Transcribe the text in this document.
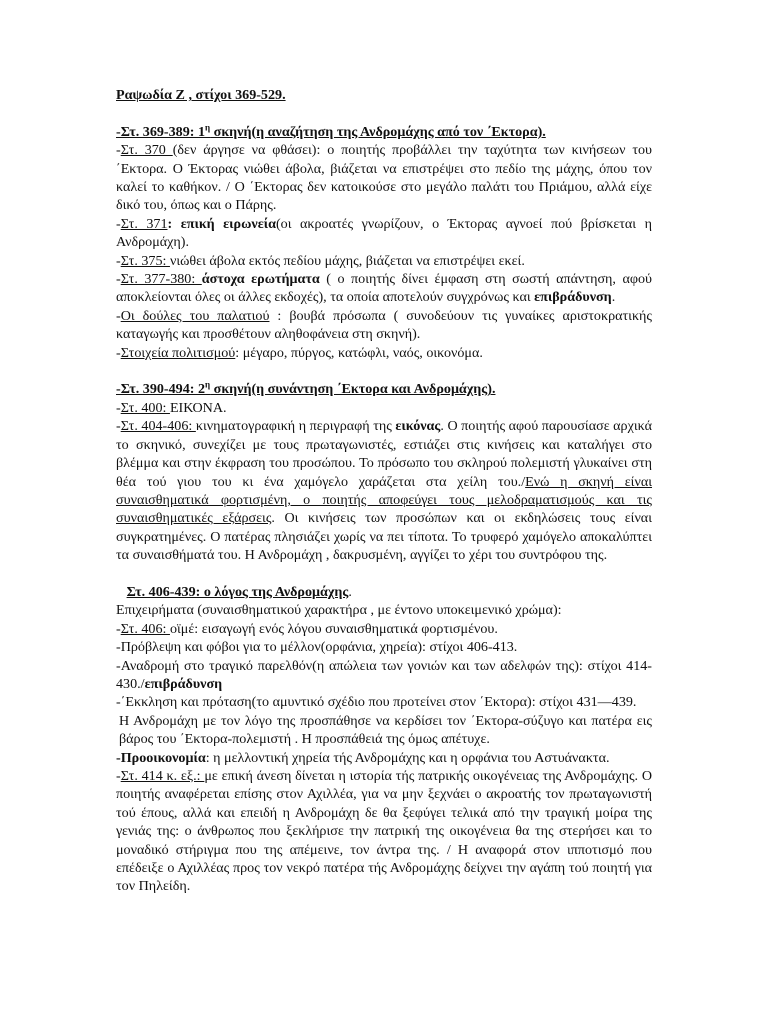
Ραψωδία Ζ , στίχοι 369-529.

-Στ. 369-389: $1^\eta$ σκηνή(η αναζήτηση της Ανδρομάχης από τον ΄Εκτορα).

-Στ. 370 (δεν άργησε να φθάσει): ο ποιητής προβάλλει την ταχύτητα των κινήσεων του ΄Εκτορα. Ο Έκτορας νιώθει άβολα, βιάζεται να επιστρέψει στο πεδίο της μάχης, όπου τον καλεί το καθήκον. / Ο ΄Εκτορας δεν κατοικούσε στο μεγάλο παλάτι του Πριάμου, αλλά είχε δικό του, όπως και ο Πάρης.

-Στ. 371: επική ειρωνεία(οι ακροατές γνωρίζουν, ο Έκτορας αγνοεί πού βρίσκεται η Ανδρομάχη).

-Στ. 375: νιώθει άβολα εκτός πεδίου μάχης, βιάζεται να επιστρέψει εκεί.

-Στ. 377-380: άστοχα ερωτήματα ( ο ποιητής δίνει έμφαση στη σωστή απάντηση, αφού αποκλείονται όλες οι άλλες εκδοχές), τα οποία αποτελούν συγχρόνως και επιβράδυνση.

-Οι δούλες του παλατιού : βουβά πρόσωπα ( συνοδεύουν τις γυναίκες αριστοκρατικής καταγωγής και προσθέτουν αληθοφάνεια στη σκηνή).

-Στοιχεία πολιτισμού: μέγαρο, πύργος, κατώφλι, ναός, οικονόμα.

-Στ. 390-494: $2^\eta$ σκηνή(η συνάντηση ΄Εκτορα και Ανδρομάχης).

-Στ. 400: ΕΙΚΟΝΑ.

-Στ. 404-406: κινηματογραφική η περιγραφή της εικόνας. Ο ποιητής αφού παρουσίασε αρχικά το σκηνικό, συνεχίζει με τους πρωταγωνιστές, εστιάζει στις κινήσεις και καταλήγει στο βλέμμα και στην έκφραση του προσώπου. Το πρόσωπο του σκληρού πολεμιστή γλυκαίνει στη θέα τού γιου του κι ένα χαμόγελο χαράζεται στα χείλη του./Ενώ η σκηνή είναι συναισθηματικά φορτισμένη, ο ποιητής αποφεύγει τους μελοδραματισμούς και τις συναισθηματικές εξάρσεις. Οι κινήσεις των προσώπων και οι εκδηλώσεις τους είναι συγκρατημένες. Ο πατέρας πλησιάζει χωρίς να πει τίποτα. Το τρυφερό χαμόγελο αποκαλύπτει τα συναισθήματά του. Η Ανδρομάχη , δακρυσμένη, αγγίζει το χέρι του συντρόφου της.

Στ. 406-439: ο λόγος της Ανδρομάχης.

Επιχειρήματα (συναισθηματικού χαρακτήρα , με έντονο υποκειμενικό χρώμα):

-Στ. 406: οϊμέ: εισαγωγή ενός λόγου συναισθηματικά φορτισμένου.

-Πρόβλεψη και φόβοι για το μέλλον(ορφάνια, χηρεία): στίχοι 406-413.

-Αναδρομή στο τραγικό παρελθόν(η απώλεια των γονιών και των αδελφών της): στίχοι 414-430./επιβράδυνση

-΄Εκκληση και πρόταση(το αμυντικό σχέδιο που προτείνει στον ΄Εκτορα): στίχοι 431—439.

Η Ανδρομάχη με τον λόγο της προσπάθησε να κερδίσει τον ΄Εκτορα-σύζυγο και πατέρα εις βάρος του ΄Εκτορα-πολεμιστή . Η προσπάθειά της όμως απέτυχε.

-Προοικονομία: η μελλοντική χηρεία τής Ανδρομάχης και η ορφάνια του Αστυάνακτα.

-Στ. 414 κ. εξ.: με επική άνεση δίνεται η ιστορία τής πατρικής οικογένειας της Ανδρομάχης. Ο ποιητής αναφέρεται επίσης στον Αχιλλέα, για να μην ξεχνάει ο ακροατής τον πρωταγωνιστή τού έπους, αλλά και επειδή η Ανδρομάχη δε θα ξεφύγει τελικά από την τραγική μοίρα της γενιάς της: ο άνθρωπος που ξεκλήρισε την πατρική της οικογένεια θα της στερήσει και το μοναδικό στήριγμα που της απέμεινε, τον άντρα της. / Η αναφορά στον ιπποτισμό που επέδειξε ο Αχιλλέας προς τον νεκρό πατέρα τής Ανδρομάχης δείχνει την αγάπη τού ποιητή για τον Πηλείδη.
